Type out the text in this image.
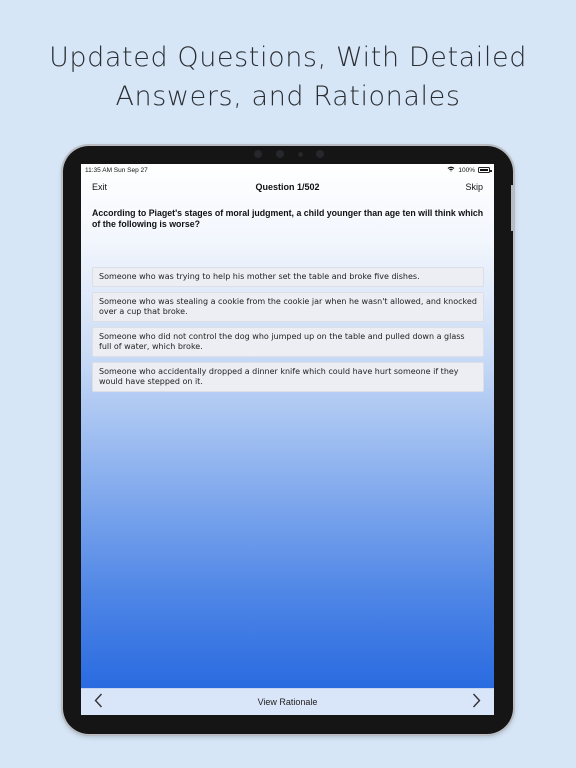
Updated Questions, With Detailed
Answers, and Rationales
11:35 AM Sun Sep 27	100%
Exit	Question 1/502	Skip
According to Piaget's stages of moral judgment, a child younger than age ten will think which of the following is worse?
Someone who was trying to help his mother set the table and broke five dishes.
Someone who was stealing a cookie from the cookie jar when he wasn't allowed, and knocked over a cup that broke.
Someone who did not control the dog who jumped up on the table and pulled down a glass full of water, which broke.
Someone who accidentally dropped a dinner knife which could have hurt someone if they would have stepped on it.
View Rationale
